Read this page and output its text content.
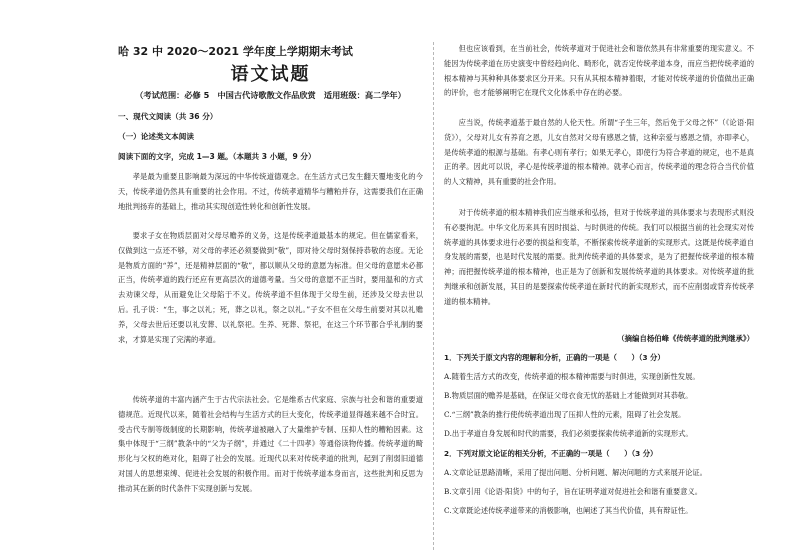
哈 32 中 2020～2021 学年度上学期期末考试
语文试题
（考试范围：必修 5　中国古代诗歌散文作品欣赏　适用班级：高二学年）
一、现代文阅读（共 36 分）
（一）论述类文本阅读
阅读下面的文字，完成 1—3 题。（本题共 3 小题，9 分）

孝是最为重要且影响最为深远的中华传统道德观念。在生活方式已发生翻天覆地变化的今天，传统孝道仍然具有重要的社会作用。不过，传统孝道精华与糟粕并存，这需要我们在正确地批判扬弃的基础上，推动其实现创造性转化和创新性发展。

要求子女在物质层面对父母尽赡养的义务，这是传统孝道最基本的规定。但在儒家看来，仅做到这一点还不够，对父母的孝还必须要做到“敬”，即对待父母时刻保持恭敬的态度。无论是物质方面的“养”，还是精神层面的“敬”，都以顺从父母的意愿为标准。但父母的意愿未必都正当，传统孝道的践行还应有更高层次的道德考量。当父母的意愿不正当时，要用温和的方式去劝谏父母，从而避免让父母陷于不义。传统孝道不但体现于父母生前，还涉及父母去世以后。孔子说：“生，事之以礼；死，葬之以礼，祭之以礼。”子女不但在父母生前要对其以礼赡养，父母去世后还要以礼安葬、以礼祭祀。生养、死葬、祭祀，在这三个环节都合乎礼制的要求，才算是实现了完满的孝道。

传统孝道的丰富内涵产生于古代宗法社会。它是维系古代家庭、宗族与社会和谐的重要道德规范。近现代以来，随着社会结构与生活方式的巨大变化，传统孝道显得越来越不合时宜。受古代专制等级制度的长期影响，传统孝道被融入了大量维护专制、压抑人性的糟粕因素。这集中体现于“三纲”教条中的“父为子纲”，并通过《二十四孝》等通俗读物传播。传统孝道的畸形化与父权的绝对化，阻碍了社会的发展。近现代以来对传统孝道的批判，起到了削弱旧道德对国人的思想束缚、促进社会发展的积极作用。而对于传统孝道本身而言，这些批判和反思为推动其在新的时代条件下实现创新与发展。

但也应该看到，在当前社会，传统孝道对于促进社会和谐依然具有非常重要的现实意义。不能因为传统孝道在历史演变中曾经趋向化、畸形化，就否定传统孝道本身，而应当把传统孝道的根本精神与其种种具体要求区分开来。只有从其根本精神着眼，才能对传统孝道的价值做出正确的评价，也才能够阐明它在现代文化体系中存在的必要。

应当说，传统孝道基于最自然的人伦天性。所谓“子生三年，然后免于父母之怀”（《论语·阳货》），父母对儿女有养育之恩，儿女自然对父母有感恩之情，这种亲爱与感恩之情，亦即孝心，是传统孝道的根源与基础。有孝心则有孝行；如果无孝心，即使行为符合孝道的规定，也不是真正的孝。因此可以说，孝心是传统孝道的根本精神。就孝心而言，传统孝道的理念符合当代价值的人文精神，具有重要的社会作用。

对于传统孝道的根本精神我们应当继承和弘扬，但对于传统孝道的具体要求与表现形式则没有必要拘泥。中华文化历来具有因时损益、与时俱进的传统。我们可以根据当前的社会现实对传统孝道的具体要求进行必要的损益和变革，不断探索传统孝道新的实现形式。这既是传统孝道自身发展的需要，也是时代发展的需要。批判传统孝道的具体要求，是为了把握传统孝道的根本精神；而把握传统孝道的根本精神，也正是为了创新和发展传统孝道的具体要求。对传统孝道的批判继承和创新发展，其目的是要探索传统孝道在新时代的新实现形式，而不应削弱或背弃传统孝道的根本精神。

（摘编自杨伯峰《传统孝道的批判继承》）
1．下列关于原文内容的理解和分析，正确的一项是（　　）（3 分）
A.随着生活方式的改变，传统孝道的根本精神需要与时俱进，实现创新性发展。
B.物质层面的赡养是基础，在保证父母衣食无忧的基础上才能做到对其恭敬。
C.“三纲”教条的推行使传统孝道出现了压抑人性的元素，阻碍了社会发展。
D.出于孝道自身发展和时代的需要，我们必须要探索传统孝道新的实现形式。
2．下列对原文论证的相关分析，不正确的一项是（　　）（3 分）
A.文章论证思路清晰，采用了提出问题、分析问题、解决问题的方式来展开论证。
B.文章引用《论语·阳货》中的句子，旨在证明孝道对促进社会和谐有重要意义。
C.文章既论述传统孝道带来的消极影响，也阐述了其当代价值，具有辩证性。
